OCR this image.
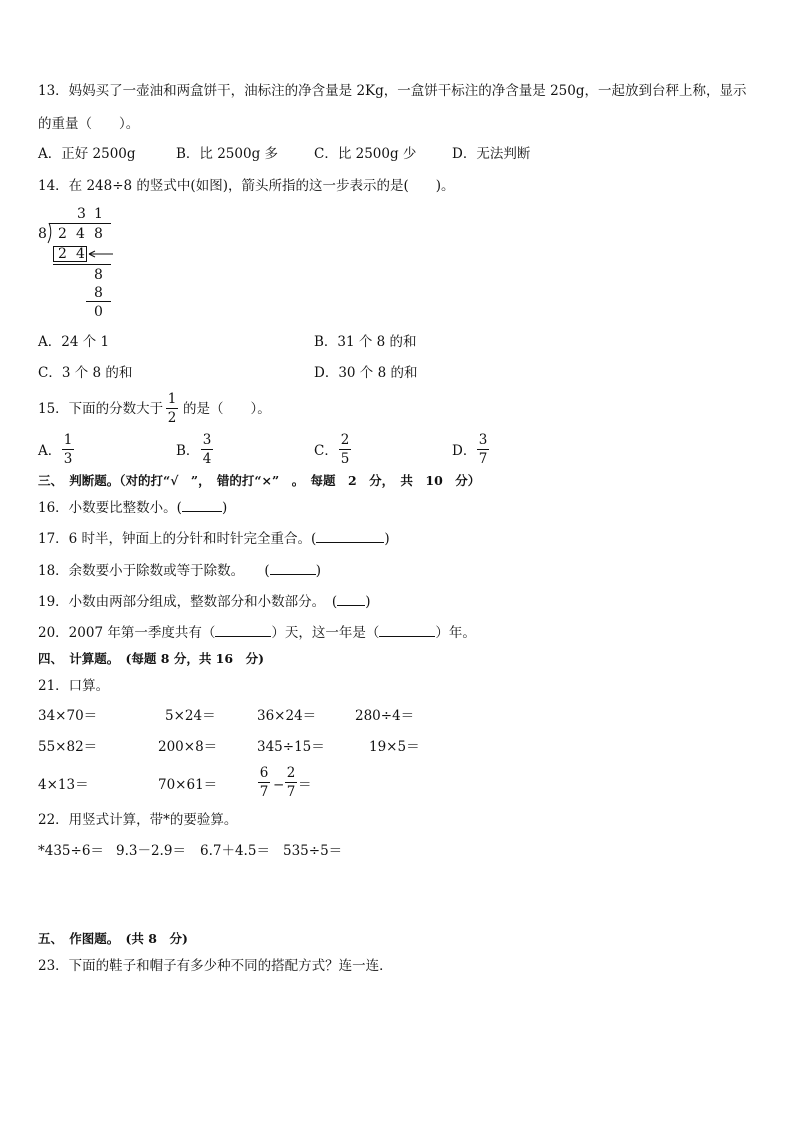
13．妈妈买了一壶油和两盒饼干，油标注的净含量是 2Kg，一盒饼干标注的净含量是 250g，一起放到台秤上称，显示
的重量（　　）。
A．正好 2500g	B．比 2500g 多	C．比 2500g 少	D．无法判断
14．在 248÷8 的竖式中(如图)，箭头所指的这一步表示的是(　　)。
3 1
8 2 4 8
2 4
8
8
0
A．24 个 1	B．31 个 8 的和
C．3 个 8 的和	D．30 个 8 的和
15．下面的分数大于
1
2
的是（　　）。
A．
1
3	B．
3
4	C．
2
5	D．
3
7
三、　判断题。（对的打“√　”，　错的打“×”　。　每题　2　分，　共　10　分）
16．小数要比整数小。(	)
17．6 时半，钟面上的分针和时针完全重合。(	)
18．余数要小于除数或等于除数。　　(	)
19．小数由两部分组成，整数部分和小数部分。　( )
20．2007 年第一季度共有（	）天，这一年是（	）年。
四、　计算题。　(每题 8 分，共 16　分)
21．口算。
34×70＝	5×24＝	36×24＝	280÷4＝
55×82＝	200×8＝	345÷15＝	19×5＝
4×13＝	70×61＝
6
7 −
2
7 ＝
22．用竖式计算，带*的要验算。
*435÷6＝ 9.3－2.9＝ 6.7＋4.5＝ 535÷5＝
五、　作图题。　(共 8　分)
23．下面的鞋子和帽子有多少种不同的搭配方式？连一连．
